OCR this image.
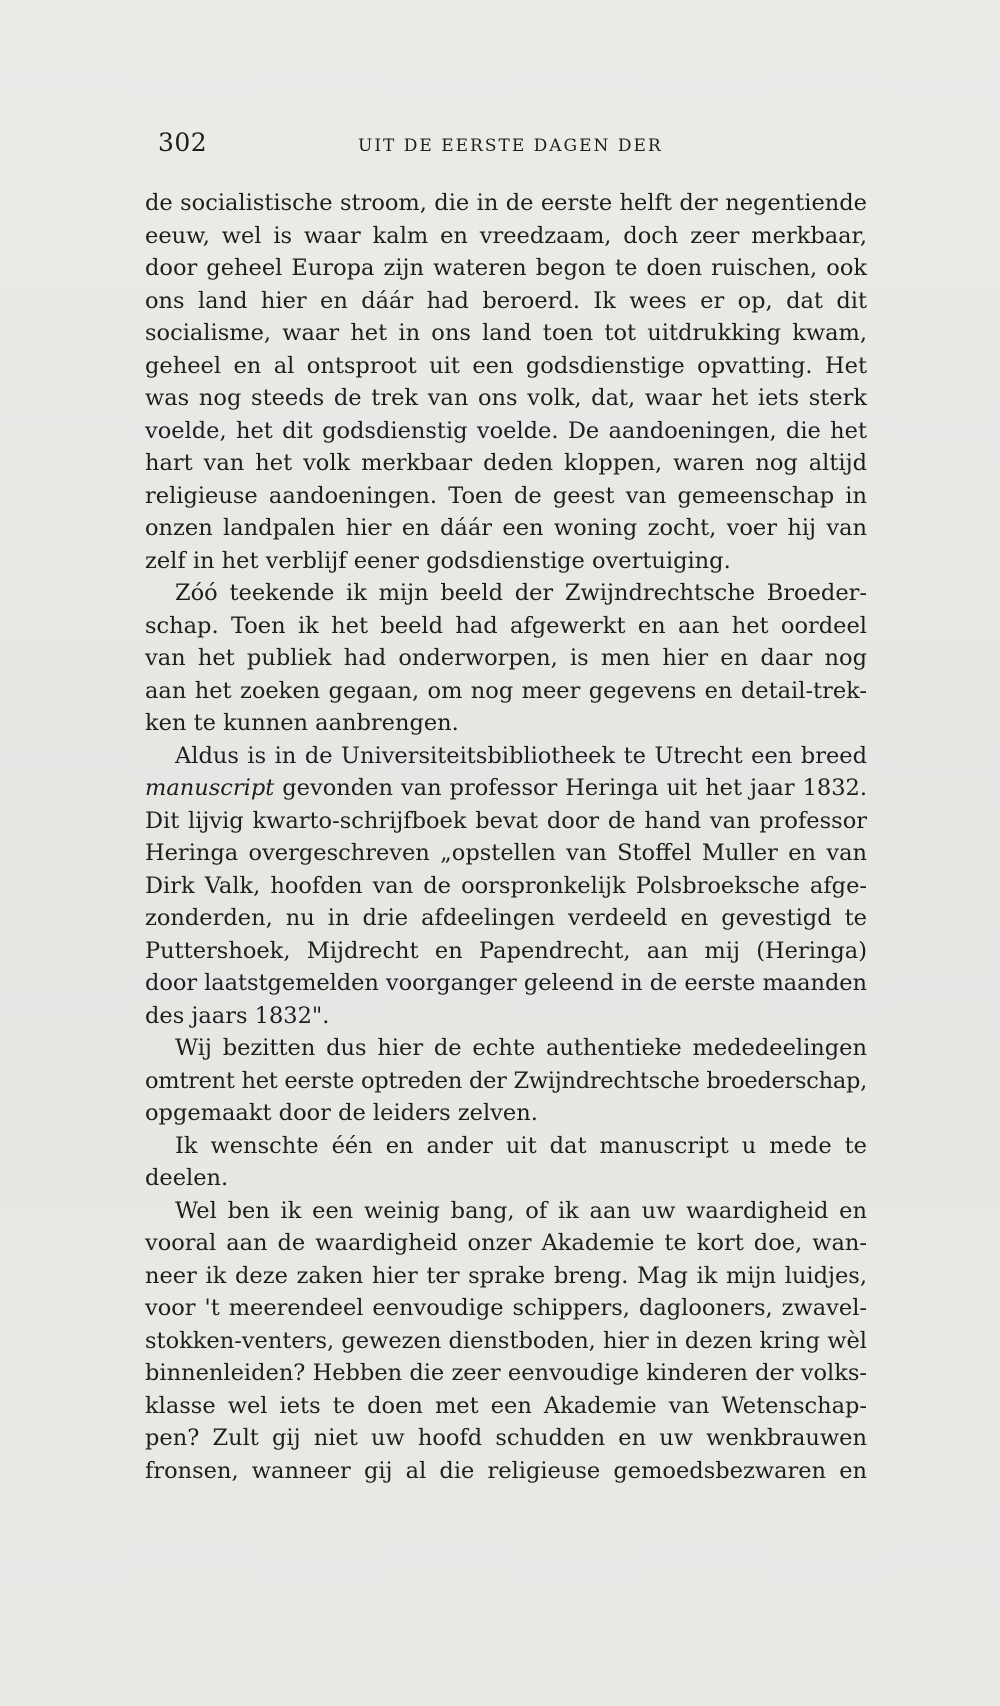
302	UIT DE EERSTE DAGEN DER
de socialistische stroom, die in de eerste helft der negentiende
eeuw, wel is waar kalm en vreedzaam, doch zeer merkbaar,
door geheel Europa zijn wateren begon te doen ruischen, ook
ons land hier en dáár had beroerd. Ik wees er op, dat dit
socialisme, waar het in ons land toen tot uitdrukking kwam,
geheel en al ontsproot uit een godsdienstige opvatting. Het
was nog steeds de trek van ons volk, dat, waar het iets sterk
voelde, het dit godsdienstig voelde. De aandoeningen, die het
hart van het volk merkbaar deden kloppen, waren nog altijd
religieuse aandoeningen. Toen de geest van gemeenschap in
onzen landpalen hier en dáár een woning zocht, voer hij van
zelf in het verblijf eener godsdienstige overtuiging.
Zóó teekende ik mijn beeld der Zwijndrechtsche Broeder-
schap. Toen ik het beeld had afgewerkt en aan het oordeel
van het publiek had onderworpen, is men hier en daar nog
aan het zoeken gegaan, om nog meer gegevens en detail-trek-
ken te kunnen aanbrengen.
Aldus is in de Universiteitsbibliotheek te Utrecht een breed
manuscript gevonden van professor Heringa uit het jaar 1832.
Dit lijvig kwarto-schrijfboek bevat door de hand van professor
Heringa overgeschreven „opstellen van Stoffel Muller en van
Dirk Valk, hoofden van de oorspronkelijk Polsbroeksche afge-
zonderden, nu in drie afdeelingen verdeeld en gevestigd te
Puttershoek, Mijdrecht en Papendrecht, aan mij (Heringa)
door laatstgemelden voorganger geleend in de eerste maanden
des jaars 1832".
Wij bezitten dus hier de echte authentieke mededeelingen
omtrent het eerste optreden der Zwijndrechtsche broederschap,
opgemaakt door de leiders zelven.
Ik wenschte één en ander uit dat manuscript u mede te
deelen.
Wel ben ik een weinig bang, of ik aan uw waardigheid en
vooral aan de waardigheid onzer Akademie te kort doe, wan-
neer ik deze zaken hier ter sprake breng. Mag ik mijn luidjes,
voor 't meerendeel eenvoudige schippers, daglooners, zwavel-
stokken-venters, gewezen dienstboden, hier in dezen kring wèl
binnenleiden? Hebben die zeer eenvoudige kinderen der volks-
klasse wel iets te doen met een Akademie van Wetenschap-
pen? Zult gij niet uw hoofd schudden en uw wenkbrauwen
fronsen, wanneer gij al die religieuse gemoedsbezwaren en
